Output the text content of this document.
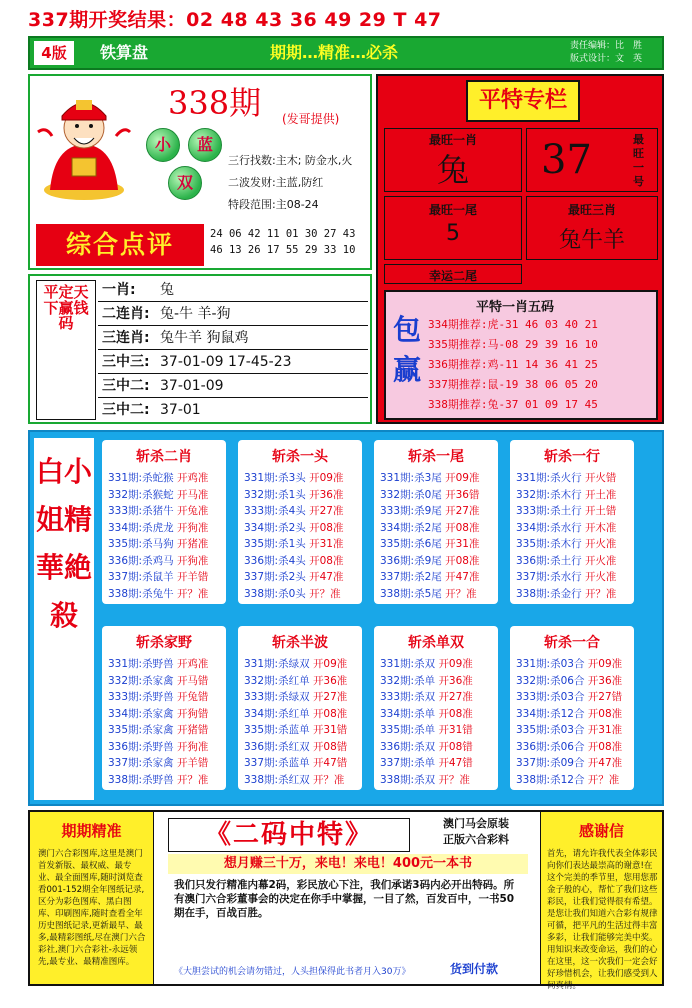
337期开奖结果：02 48 43 36 49 29 T 47
4版	铁算盘	期期…精准…必杀	责任编辑：比　胜
版式设计：文　英
338期 (发哥提供)
小	蓝
双
三行找数:主木; 防金水,火
二波发财:主蓝,防红
特段范围:主08-24
综合点评	24 06 42 11 01 30 27 43
46 13 26 17 55 29 33 10
平特专栏
最旺一肖
兔	37	最旺一号
最旺一尾
5
最旺三肖
兔牛羊
幸运二尾
包赢
平特一肖五码
334期推荐:虎-31 46 03 40 21
335期推荐:马-08 29 39 16 10
336期推荐:鸡-11 14 36 41 25
337期推荐:鼠-19 38 06 05 20
338期推荐:兔-37 01 09 17 45
平定天下赢钱码
一肖: 兔
二连肖: 兔-牛 羊-狗
三连肖: 兔牛羊 狗鼠鸡
三中三: 37-01-09 17-45-23
三中二: 37-01-09
三中二: 37-01
白小姐精華絶殺
斩杀二肖
331期:杀蛇猴 开鸡准
332期:杀猴蛇 开马准
333期:杀猪牛 开兔准
334期:杀虎龙 开狗准
335期:杀马狗 开猪准
336期:杀鸡马 开狗准
337期:杀鼠羊 开羊错
338期:杀兔牛 开？准
斩杀一头
331期:杀3头 开09准
332期:杀1头 开36准
333期:杀4头 开27准
334期:杀2头 开08准
335期:杀1头 开31准
336期:杀4头 开08准
337期:杀2头 开47准
338期:杀0头 开？准
斩杀一尾
331期:杀3尾 开09准
332期:杀0尾 开36错
333期:杀9尾 开27准
334期:杀2尾 开08准
335期:杀6尾 开31准
336期:杀9尾 开08准
337期:杀2尾 开47准
338期:杀5尾 开？准
斩杀一行
331期:杀火行 开火错
332期:杀木行 开土准
333期:杀土行 开土错
334期:杀水行 开木准
335期:杀木行 开火准
336期:杀土行 开火准
337期:杀水行 开火准
338期:杀金行 开？准
斩杀家野
331期:杀野兽 开鸡准
332期:杀家禽 开马错
333期:杀野兽 开兔错
334期:杀家禽 开狗错
335期:杀家禽 开猪错
336期:杀野兽 开狗准
337期:杀家禽 开羊错
338期:杀野兽 开？准
斩杀半波
331期:杀绿双 开09准
332期:杀红单 开36准
333期:杀绿双 开27准
334期:杀红单 开08准
335期:杀蓝单 开31错
336期:杀红双 开08错
337期:杀蓝单 开47错
338期:杀红双 开？准
斩杀单双
331期:杀双 开09准
332期:杀单 开36准
333期:杀双 开27准
334期:杀单 开08准
335期:杀单 开31错
336期:杀双 开08错
337期:杀单 开47错
338期:杀双 开？准
斩杀一合
331期:杀03合 开09准
332期:杀06合 开36准
333期:杀03合 开27错
334期:杀12合 开08准
335期:杀03合 开31准
336期:杀06合 开08准
337期:杀09合 开47准
338期:杀12合 开？准
期期精准
澳门六合彩图库,这里是澳门首发新版、最权威、最专业、最全面图库,随时浏览查看001-152期全年图纸记录,区分为彩色图库、黑白图库、印刷图库,随时查看全年历史图纸记录,更新最早、最多,最精彩图纸,尽在澳门六合彩社,澳门六合彩社-永远领先,最专业、最精准图库。
《二码中特》	澳门马会原装
正版六合彩料
想月赚三十万，来电！来电！400元一本书
我们只发行精准内幕2码，彩民放心下注，我们承诺3码内必开出特码。所有澳门六合彩董事会的决定在你手中掌握，一目了然，百发百中，一书50期在手，百战百胜。
《大胆尝试的机会请勿错过，人头担保得此书者月入30万》	货到付款
感谢信
首先，请允许我代表全体彩民向你们表达最崇高的谢意!在这个完美的季节里，您用您那金子般的心，帮忙了我们这些彩民，让我们觉得很有希望。是您让我们知道六合彩有规律可循，把平凡的生活过得丰富多彩，让我们能够完美中奖。用知识来改变命运，我们的心在这里，这一次我们一定会好好珍惜机会，让我们感受到人间真情。
